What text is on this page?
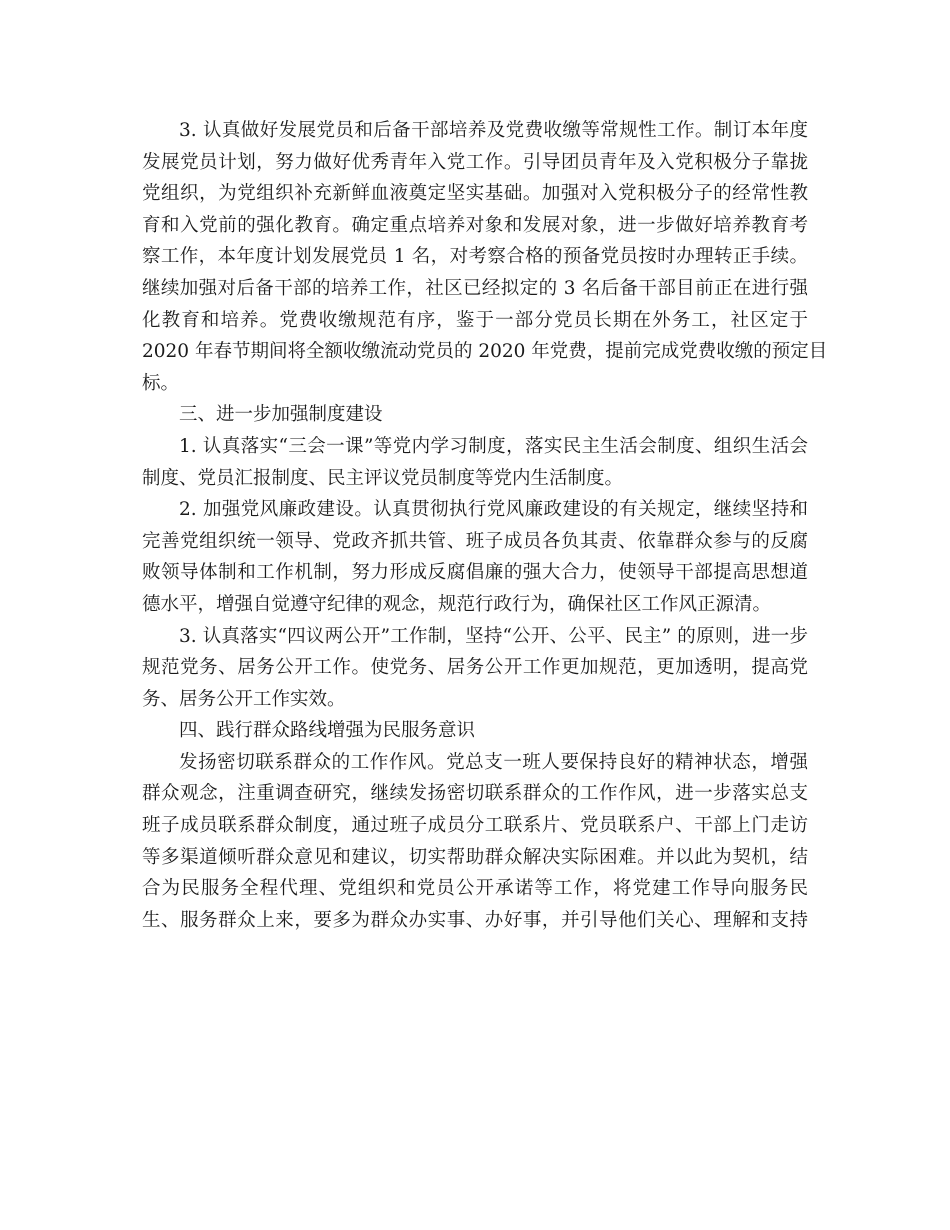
3. 认真做好发展党员和后备干部培养及党费收缴等常规性工作。制订本年度
发展党员计划，努力做好优秀青年入党工作。引导团员青年及入党积极分子靠拢
党组织，为党组织补充新鲜血液奠定坚实基础。加强对入党积极分子的经常性教
育和入党前的强化教育。确定重点培养对象和发展对象，进一步做好培养教育考
察工作，本年度计划发展党员 1 名，对考察合格的预备党员按时办理转正手续。
继续加强对后备干部的培养工作，社区已经拟定的 3 名后备干部目前正在进行强
化教育和培养。党费收缴规范有序，鉴于一部分党员长期在外务工，社区定于
2020 年春节期间将全额收缴流动党员的 2020 年党费，提前完成党费收缴的预定目
标。
三、进一步加强制度建设
1. 认真落实“三会一课”等党内学习制度，落实民主生活会制度、组织生活会
制度、党员汇报制度、民主评议党员制度等党内生活制度。
2. 加强党风廉政建设。认真贯彻执行党风廉政建设的有关规定，继续坚持和
完善党组织统一领导、党政齐抓共管、班子成员各负其责、依靠群众参与的反腐
败领导体制和工作机制，努力形成反腐倡廉的强大合力，使领导干部提高思想道
德水平，增强自觉遵守纪律的观念，规范行政行为，确保社区工作风正源清。
3. 认真落实“四议两公开”工作制，坚持“公开、公平、民主” 的原则，进一步
规范党务、居务公开工作。使党务、居务公开工作更加规范，更加透明，提高党
务、居务公开工作实效。
四、践行群众路线增强为民服务意识
发扬密切联系群众的工作作风。党总支一班人要保持良好的精神状态，增强
群众观念，注重调查研究，继续发扬密切联系群众的工作作风，进一步落实总支
班子成员联系群众制度，通过班子成员分工联系片、党员联系户、干部上门走访
等多渠道倾听群众意见和建议，切实帮助群众解决实际困难。并以此为契机，结
合为民服务全程代理、党组织和党员公开承诺等工作，将党建工作导向服务民
生、服务群众上来，要多为群众办实事、办好事，并引导他们关心、理解和支持
